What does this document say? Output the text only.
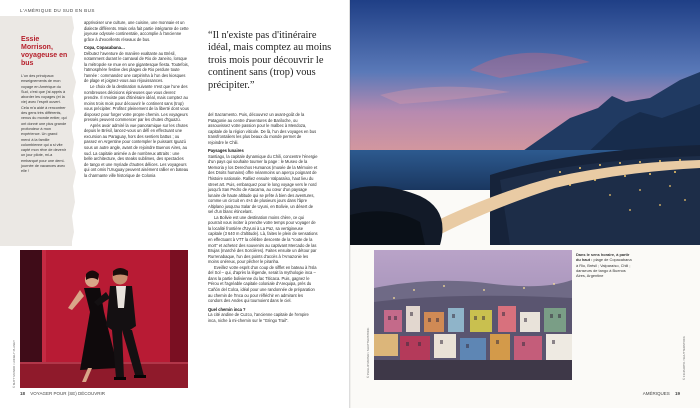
L'AMÉRIQUE DU SUD EN BUS
Essie Morrison, voyageuse en bus
L'un des principaux enseignements de mon voyage en Amérique du Sud, c'est que j'ai appris à aborder les voyages (et la vie) avec l'esprit ouvert. Cela m'a aidé à rencontrer des gens très différents, venus du monde entier, qui ont donné une plus grande profondeur à mon expérience. Un grand merci à la famille colombienne qui a si vite capté mon rêve de devenir un jour pilote, mi-a embarqué pour une demi-journée de vacances avec elle !

apprivoiser une culture, une cuisine, une monnaie et un dialecte différents. Mais cela fait partie intégrante de cette joyeuse odyssée continentale, accomplie à l'ancienne grâce à d'excellents réseaux de bus.

Copa, Copacabana…

Débutez l'aventure de manière exaltante au Brésil, notamment durant le carnaval de Rio de Janeiro, lorsque la métropole se mue en une gigantesque fiesta. Toutefois, l'atmosphère festive des plages de Rio perdure toute l'année : commandez une caïpirinha à l'un des kiosques de plage et joignez-vous aux réjouissances.

Le choix de la destination suivante n'est que l'une des nombreuses décisions épineuses que vous devrez prendre. Il n'existe pas d'itinéraire idéal, mais comptez au moins trois mois pour découvrir le continent sans (trop) vous précipiter. Profitez pleinement de la liberté dont vous disposez pour forger votre propre chemin. Les voyageurs pressés peuvent commencer par les chutes d'Iguazú.

Après avoir admiré la vue panoramique sur les chutes depuis le Brésil, lancez-vous un défi en effectuant une excursion au Paraguay, hors des sentiers battus ; ou passez en Argentine pour contempler le puissant Iguazú sous un autre angle, avant de rejoindre Buenos Aires, au sud. La capitale animée a de nombreux attraits : une belle architecture, des steaks sublimes, des spectacles de tango et une myriade d'autres délices. Les voyageurs qui ont omis l'Uruguay peuvent aisément rallier en bateau la charmante ville historique de Colonia

“Il n'existe pas d'itinéraire idéal, mais comptez au moins trois mois pour découvrir le continent sans (trop) vous précipiter.”

del Sacramento. Puis, découvrez un avant-goût de la Patagonie au centre d'aventures de Bariloche, ou assouvissez votre passion pour le malbec à Mendoza, capitale de la région viticole. De là, l'un des voyages en bus transfrontaliers les plus beaux du monde permet de rejoindre le Chili.

Paysages lunaires

Santiago, la capitale dynamique du Chili, concentre l'énergie d'un pays qui souhaite tourner la page : le Museo de la Memoria y los Derechos Humanos (musée de la Mémoire et des Droits humains) offre néanmoins un aperçu poignant de l'histoire nationale. Ralliez ensuite Valparaíso, haut lieu du street art. Puis, embarquez pour le long voyage vers le nord jusqu'à San Pedro de Atacama, au cœur d'un paysage lunaire de haute altitude qui se prête à bien des aventures, comme un circuit en 4×4 de plusieurs jours dans l'âpre Altiplano jusqu'au Salar de Uyuni, en Bolivie, un désert de sel d'un blanc étincelant.

La Bolivie est une destination moins chère, ce qui pourrait vous inciter à prendre votre temps pour voyager de la localité frontière d'Uyuni à La Paz, sa vertigineuse capitale (3 640 m d'altitude). Là, faites le plein de sensations en effectuant à VTT la célèbre descente de la "route de la mort" et achetez des souvenirs au captivant Mercado de las Brujas (marché des Sorcières). Faites ensuite un détour par Rurrenabaque, l'un des points d'accès à l'Amazonie les moins onéreux, pour pêcher le piranha.

Eveillez votre esprit d'un coup de sifflet en bateau à l'Isla del Sol – qui, d'après la légende, serait la mythologie inca – dans la partie bolivienne du lac Titicaca. Puis, gagnez le Pérou et l'agréable capitale coloniale d'Arequipa, près du Cañón del Colca, idéal pour une randonnée de préparation au chemin de l'Inca ou pour réfléchir en admirant les condors des Andes qui tournoient dans le ciel.

Quel chemin inca ?

La cité andine de Cuzco, l'ancienne capitale de l'empire inca, niche à mi-chemin sur le "Gringo Trail".

© MATT MUNRO / LONELY PLANET
18 VOYAGER POUR (SE) DÉCOUVRIR	AMÉRIQUES 19
© F11PHOTO / SHUTTERSTOCK
© PHILLIP MAYER / SHUTTERSTOCK
Dans le sens horaire, à partir du haut : plage de Copacabana à Rio, Brésil ; Valparaíso, Chili ; danseurs de tango à Buenos Aires, Argentine
